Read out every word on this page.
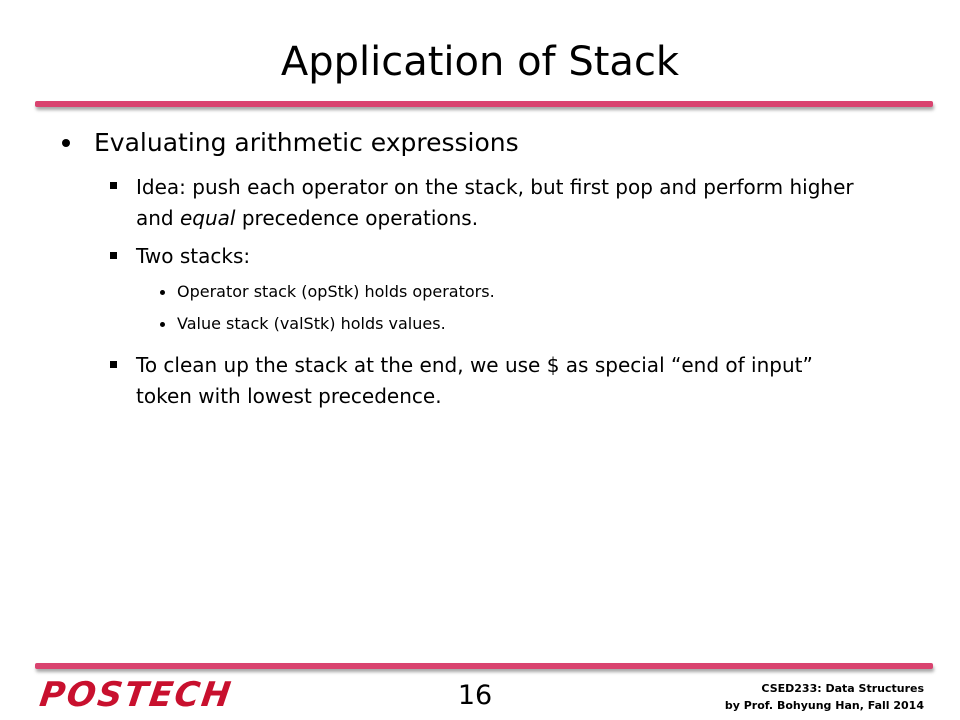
Application of Stack
Evaluating arithmetic expressions
Idea: push each operator on the stack, but first pop and perform higher and equal precedence operations.
Two stacks:
Operator stack (opStk) holds operators.
Value stack (valStk) holds values.
To clean up the stack at the end, we use $ as special “end of input” token with lowest precedence.
POSTECH	16	CSED233: Data Structures
by Prof. Bohyung Han, Fall 2014
